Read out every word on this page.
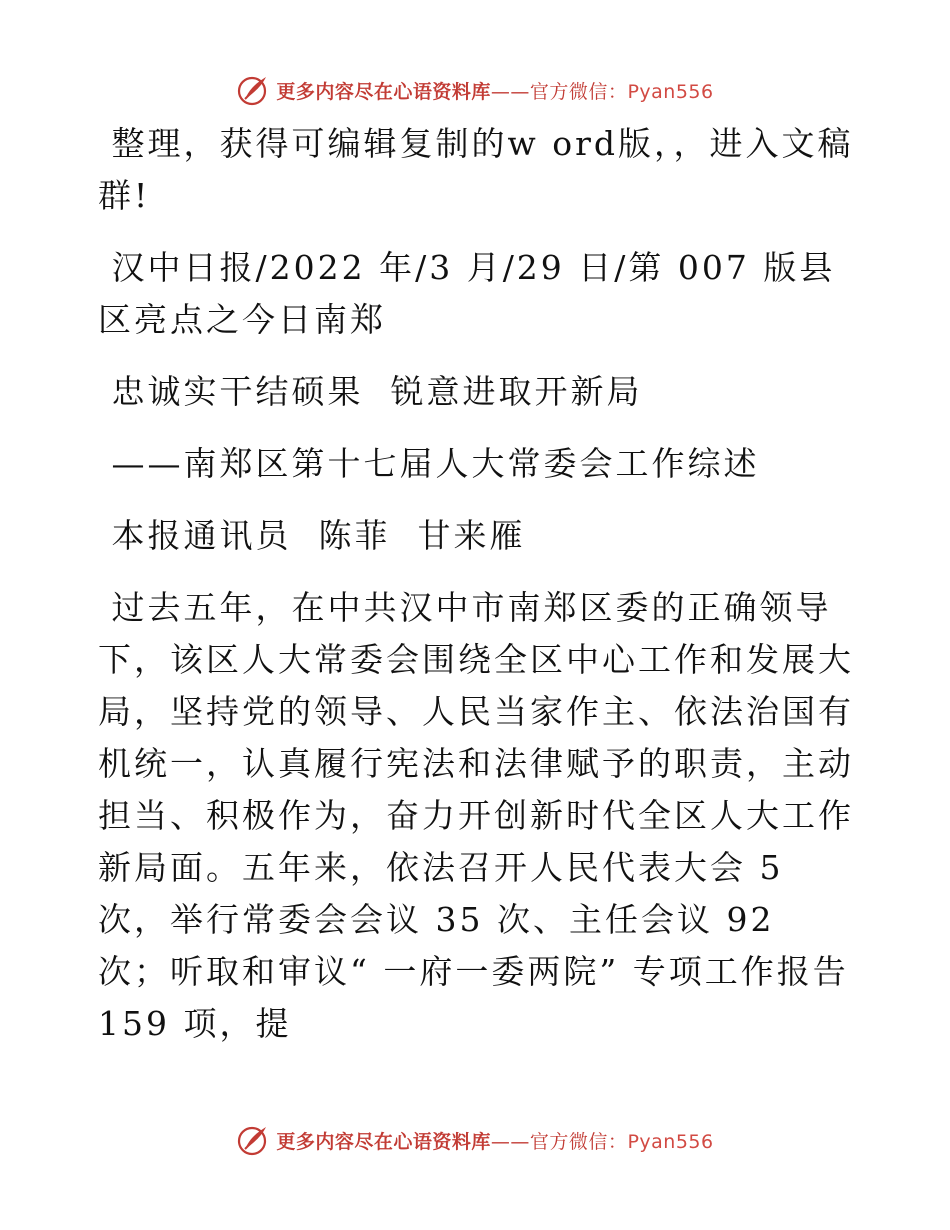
更多内容尽在心语资料库——官方微信：Pyan556

整理，获得可编辑复制的w ord版，，进入文稿群!

汉中日报/2022 年/3 月/29 日/第 007 版县区亮点之今日南郑

忠诚实干结硕果  锐意进取开新局

——南郑区第十七届人大常委会工作综述

本报通讯员  陈菲  甘来雁

过去五年，在中共汉中市南郑区委的正确领导下，该区人大常委会围绕全区中心工作和发展大局，坚持党的领导、人民当家作主、依法治国有机统一，认真履行宪法和法律赋予的职责，主动担当、积极作为，奋力开创新时代全区人大工作新局面。五年来，依法召开人民代表大会 5 次，举行常委会会议 35 次、主任会议 92 次；听取和审议“ 一府一委两院” 专项工作报告 159 项，提

更多内容尽在心语资料库——官方微信：Pyan556
